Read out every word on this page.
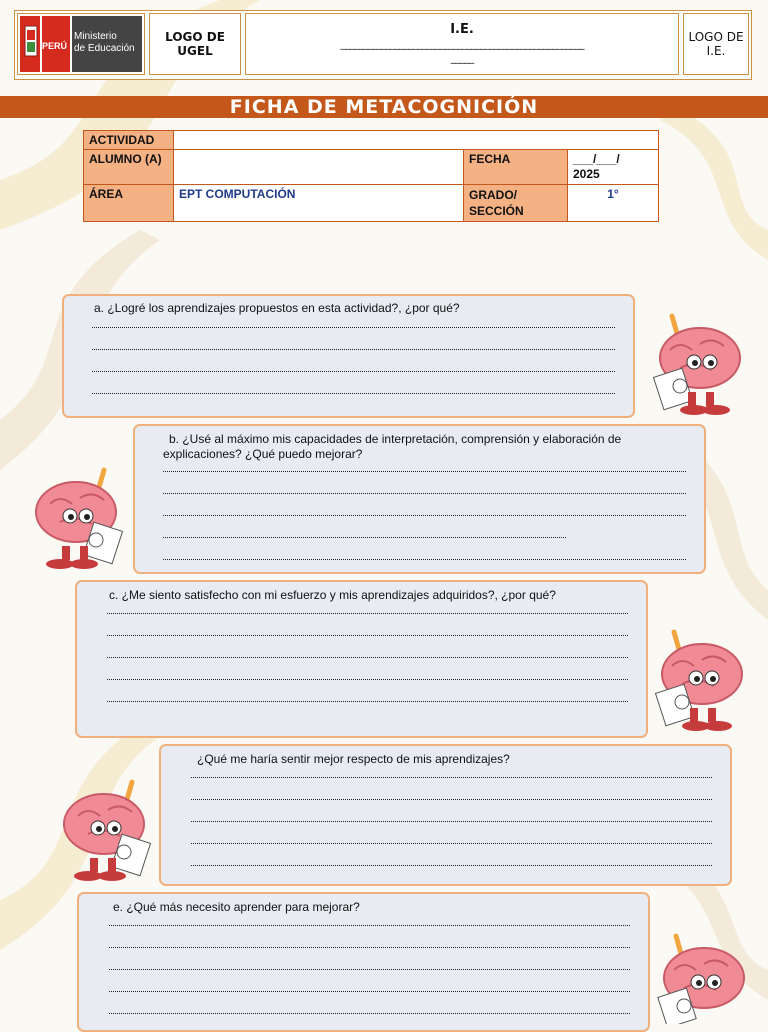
PERÚ
Ministerio
de Educación
LOGO DE UGEL
I.E.
______________________________________________________
_____
LOGO DE I.E.
FICHA DE METACOGNICIÓN
ACTIVIDAD			
ALUMNO (A)		FECHA	___/___/
2025

ÁREA	EPT COMPUTACIÓN	GRADO/
SECCIÓN	1°
a. ¿Logré los aprendizajes propuestos en esta actividad?, ¿por qué?
b. ¿Usé al máximo mis capacidades de interpretación, comprensión y elaboración de
explicaciones? ¿Qué puedo mejorar?
c. ¿Me siento satisfecho con mi esfuerzo y mis aprendizajes adquiridos?, ¿por qué?
¿Qué me haría sentir mejor respecto de mis aprendizajes?
e. ¿Qué más necesito aprender para mejorar?
